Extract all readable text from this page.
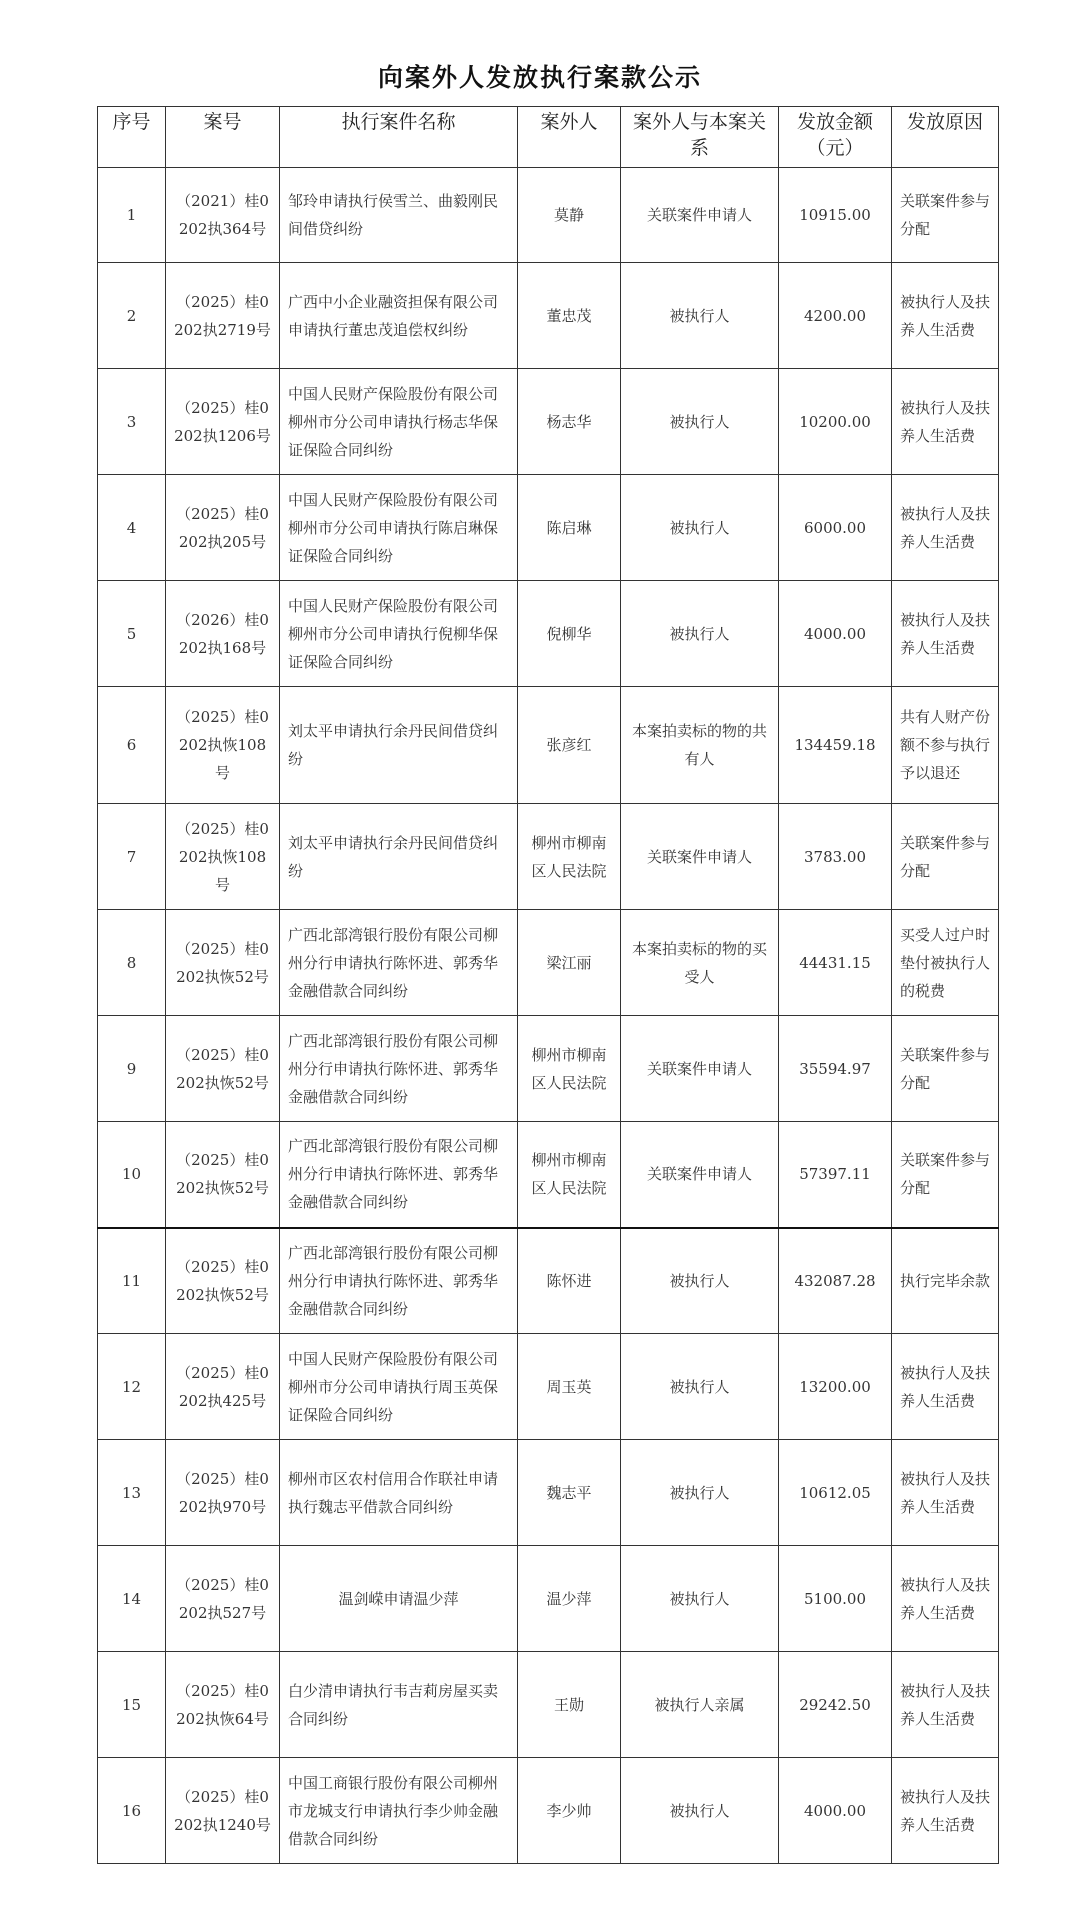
向案外人发放执行案款公示
序号	案号	执行案件名称	案外人	案外人与本案关系	发放金额（元）	发放原因
1	（2021）桂0202执364号	邹玲申请执行侯雪兰、曲毅刚民间借贷纠纷	莫静	关联案件申请人	10915.00	关联案件参与分配
2	（2025）桂0202执2719号	广西中小企业融资担保有限公司申请执行董忠茂追偿权纠纷	董忠茂	被执行人	4200.00	被执行人及扶养人生活费
3	（2025）桂0202执1206号	中国人民财产保险股份有限公司柳州市分公司申请执行杨志华保证保险合同纠纷	杨志华	被执行人	10200.00	被执行人及扶养人生活费
4	（2025）桂0202执205号	中国人民财产保险股份有限公司柳州市分公司申请执行陈启琳保证保险合同纠纷	陈启琳	被执行人	6000.00	被执行人及扶养人生活费
5	（2026）桂0202执168号	中国人民财产保险股份有限公司柳州市分公司申请执行倪柳华保证保险合同纠纷	倪柳华	被执行人	4000.00	被执行人及扶养人生活费
6	（2025）桂0202执恢108号	刘太平申请执行余丹民间借贷纠纷	张彦红	本案拍卖标的物的共有人	134459.18	共有人财产份额不参与执行予以退还
7	（2025）桂0202执恢108号	刘太平申请执行余丹民间借贷纠纷	柳州市柳南区人民法院	关联案件申请人	3783.00	关联案件参与分配
8	（2025）桂0202执恢52号	广西北部湾银行股份有限公司柳州分行申请执行陈怀进、郭秀华金融借款合同纠纷	梁江丽	本案拍卖标的物的买受人	44431.15	买受人过户时垫付被执行人的税费
9	（2025）桂0202执恢52号	广西北部湾银行股份有限公司柳州分行申请执行陈怀进、郭秀华金融借款合同纠纷	柳州市柳南区人民法院	关联案件申请人	35594.97	关联案件参与分配
10	（2025）桂0202执恢52号	广西北部湾银行股份有限公司柳州分行申请执行陈怀进、郭秀华金融借款合同纠纷	柳州市柳南区人民法院	关联案件申请人	57397.11	关联案件参与分配
11	（2025）桂0202执恢52号	广西北部湾银行股份有限公司柳州分行申请执行陈怀进、郭秀华金融借款合同纠纷	陈怀进	被执行人	432087.28	执行完毕余款
12	（2025）桂0202执425号	中国人民财产保险股份有限公司柳州市分公司申请执行周玉英保证保险合同纠纷	周玉英	被执行人	13200.00	被执行人及扶养人生活费
13	（2025）桂0202执970号	柳州市区农村信用合作联社申请执行魏志平借款合同纠纷	魏志平	被执行人	10612.05	被执行人及扶养人生活费
14	（2025）桂0202执527号	温剑嵘申请温少萍	温少萍	被执行人	5100.00	被执行人及扶养人生活费
15	（2025）桂0202执恢64号	白少清申请执行韦吉莉房屋买卖合同纠纷	王勋	被执行人亲属	29242.50	被执行人及扶养人生活费
16	（2025）桂0202执1240号	中国工商银行股份有限公司柳州市龙城支行申请执行李少帅金融借款合同纠纷	李少帅	被执行人	4000.00	被执行人及扶养人生活费
